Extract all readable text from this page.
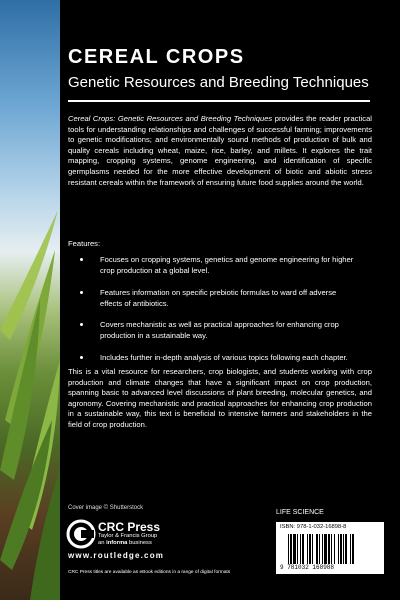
CEREAL CROPS
Genetic Resources and Breeding Techniques
Cereal Crops: Genetic Resources and Breeding Techniques provides the reader practical tools for understanding relationships and challenges of successful farming; improvements to genetic modifications; and environmentally sound methods of production of bulk and quality cereals including wheat, maize, rice, barley, and millets. It explores the trait mapping, cropping systems, genome engineering, and identification of specific germplasms needed for the more effective development of biotic and abiotic stress resistant cereals within the framework of ensuring future food supplies around the world.
Features:
Focuses on cropping systems, genetics and genome engineering for higher crop production at a global level.
Features information on specific prebiotic formulas to ward off adverse effects of antibiotics.
Covers mechanistic as well as practical approaches for enhancing crop production in a sustainable way.
Includes further in-depth analysis of various topics following each chapter.
This is a vital resource for researchers, crop biologists, and students working with crop production and climate changes that have a significant impact on crop production, spanning basic to advanced level discussions of plant breeding, molecular genetics, and agronomy. Covering mechanistic and practical approaches for enhancing crop production in a sustainable way, this text is beneficial to intensive farmers and stakeholders in the field of crop production.
Cover image © Shutterstock
CRC Press
Taylor & Francis Group
an informa business
www.routledge.com
CRC Press titles are available as eBook editions in a range of digital formats
LIFE SCIENCE
ISBN: 978-1-032-16898-8
9 781032 168988
